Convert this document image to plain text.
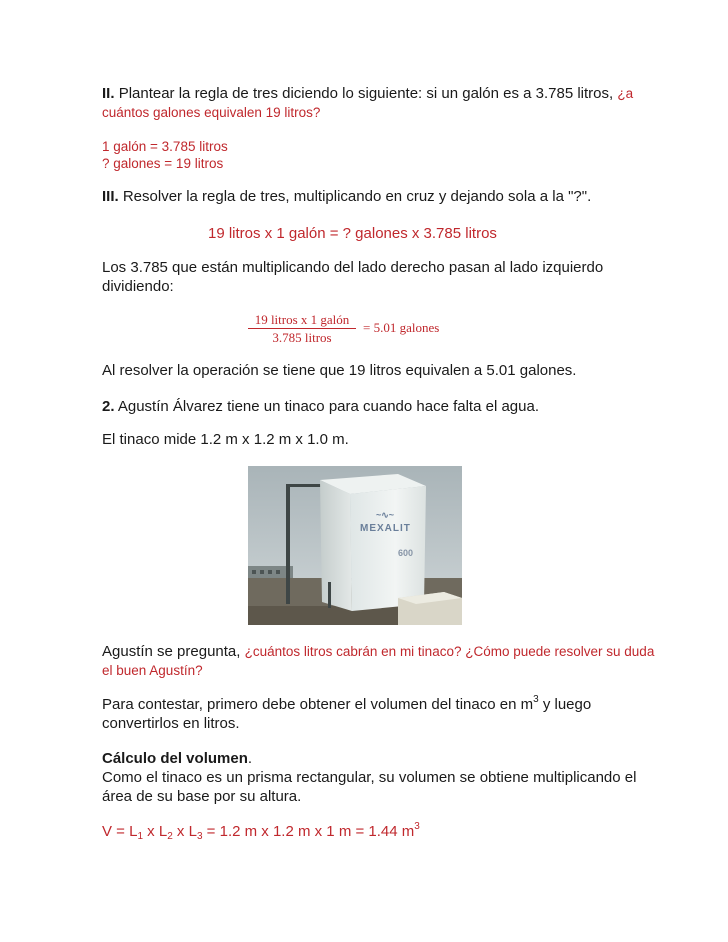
II. Plantear la regla de tres diciendo lo siguiente: si un galón es a 3.785 litros, ¿a cuántos galones equivalen 19 litros?
1 galón = 3.785 litros
? galones = 19 litros
III. Resolver la regla de tres, multiplicando en cruz y dejando sola a la "?".
19 litros x 1 galón = ? galones x 3.785 litros
Los 3.785 que están multiplicando del lado derecho pasan al lado izquierdo dividiendo:
19 litros x 1 galón
3.785 litros
= 5.01 galones
Al resolver la operación se tiene que 19 litros equivalen a 5.01 galones.
2. Agustín Álvarez tiene un tinaco para cuando hace falta el agua.
El tinaco mide 1.2 m x 1.2 m x 1.0 m.
~∿~
MEXALIT
600
Agustín se pregunta, ¿cuántos litros cabrán en mi tinaco? ¿Cómo puede resolver su duda el buen Agustín?
Para contestar, primero debe obtener el volumen del tinaco en $m^3$ y luego convertirlos en litros.
Cálculo del volumen.
Como el tinaco es un prisma rectangular, su volumen se obtiene multiplicando el área de su base por su altura.
$V = L_1$ x $L_2$ x $L_3 = 1.2$ m x 1.2 m x 1 m = 1.44 $m^3$
